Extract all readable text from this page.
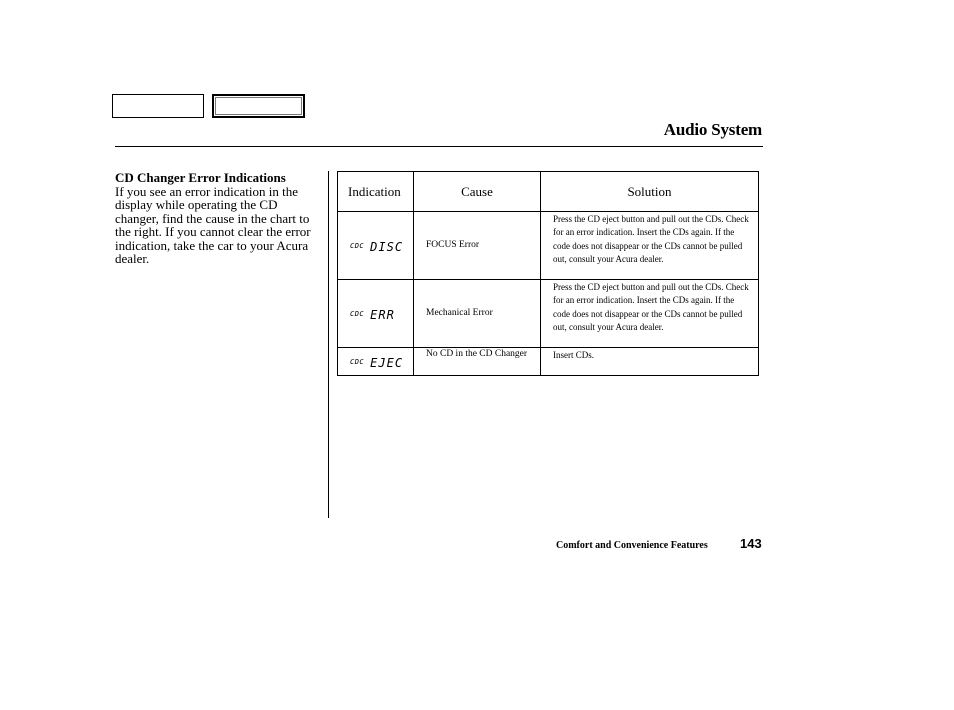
Audio System
CD Changer Error Indications
If you see an error indication in the display while operating the CD changer, find the cause in the chart to the right. If you cannot clear the error indication, take the car to your Acura dealer.
Indication	Cause	Solution
CDC DISC	FOCUS Error	Press the CD eject button and pull out the CDs. Check for an error indication. Insert the CDs again. If the code does not disappear or the CDs cannot be pulled out, consult your Acura dealer.
CDC ERR	Mechanical Error	Press the CD eject button and pull out the CDs. Check for an error indication. Insert the CDs again. If the code does not disappear or the CDs cannot be pulled out, consult your Acura dealer.
CDC EJEC	No CD in the CD Changer	Insert CDs.
Comfort and Convenience Features 143
